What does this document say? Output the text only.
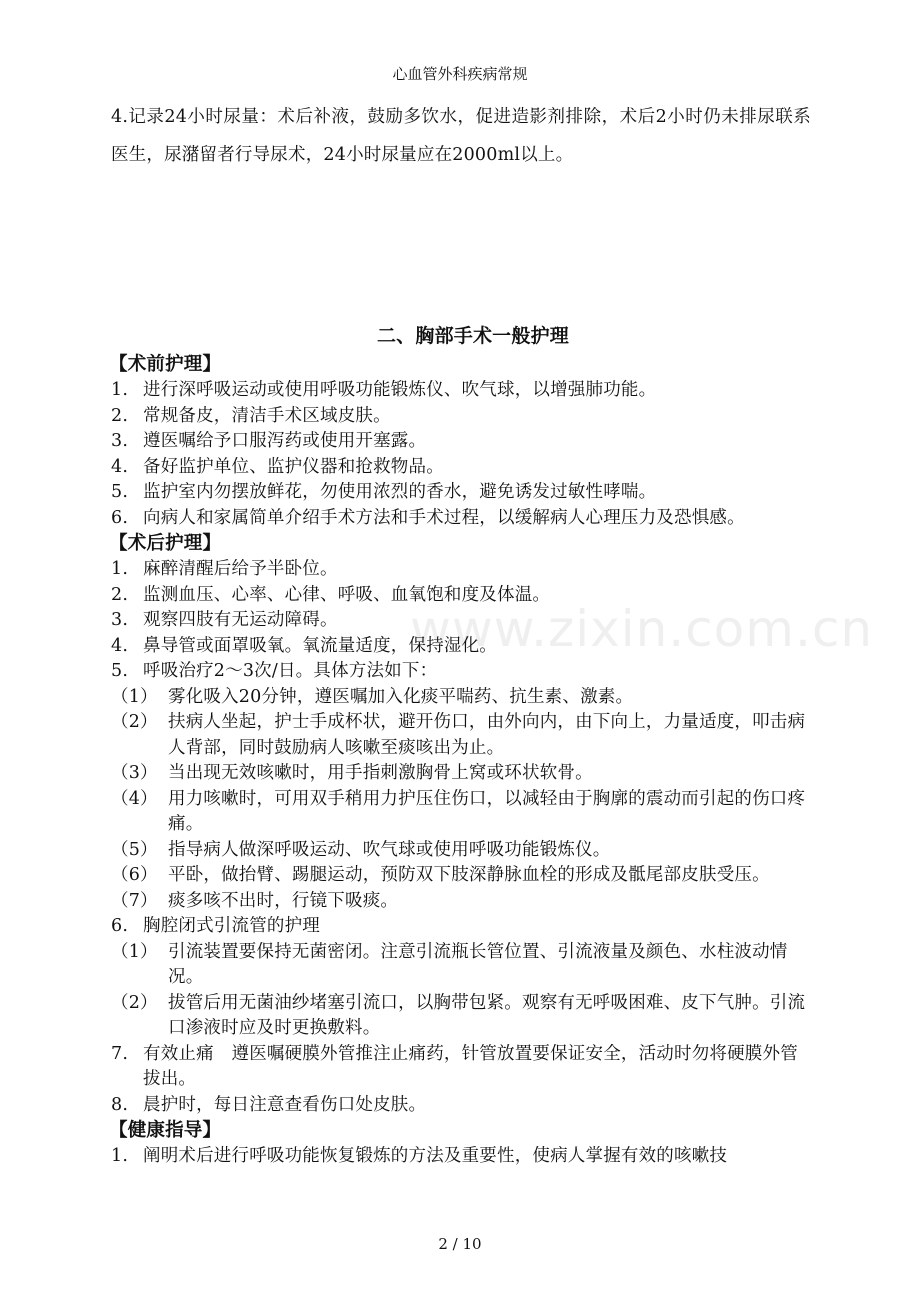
心血管外科疾病常规
www.zixin.com.cn
4.记录24小时尿量：术后补液，鼓励多饮水，促进造影剂排除，术后2小时仍未排尿联系医生，尿潴留者行导尿术，24小时尿量应在2000ml以上。
二、胸部手术一般护理
【术前护理】
1. 进行深呼吸运动或使用呼吸功能锻炼仪、吹气球，以增强肺功能。
2. 常规备皮，清洁手术区域皮肤。
3. 遵医嘱给予口服泻药或使用开塞露。
4. 备好监护单位、监护仪器和抢救物品。
5. 监护室内勿摆放鲜花，勿使用浓烈的香水，避免诱发过敏性哮喘。
6. 向病人和家属简单介绍手术方法和手术过程，以缓解病人心理压力及恐惧感。
【术后护理】
1. 麻醉清醒后给予半卧位。
2. 监测血压、心率、心律、呼吸、血氧饱和度及体温。
3. 观察四肢有无运动障碍。
4. 鼻导管或面罩吸氧。氧流量适度，保持湿化。
5. 呼吸治疗2～3次/日。具体方法如下：
（1） 雾化吸入20分钟，遵医嘱加入化痰平喘药、抗生素、激素。
（2） 扶病人坐起，护士手成杯状，避开伤口，由外向内，由下向上，力量适度，叩击病人背部，同时鼓励病人咳嗽至痰咳出为止。
（3） 当出现无效咳嗽时，用手指刺激胸骨上窝或环状软骨。
（4） 用力咳嗽时，可用双手稍用力护压住伤口，以减轻由于胸廓的震动而引起的伤口疼痛。
（5） 指导病人做深呼吸运动、吹气球或使用呼吸功能锻炼仪。
（6） 平卧，做抬臂、踢腿运动，预防双下肢深静脉血栓的形成及骶尾部皮肤受压。
（7） 痰多咳不出时，行镜下吸痰。
6. 胸腔闭式引流管的护理
（1） 引流装置要保持无菌密闭。注意引流瓶长管位置、引流液量及颜色、水柱波动情况。
（2） 拔管后用无菌油纱堵塞引流口，以胸带包紧。观察有无呼吸困难、皮下气肿。引流口渗液时应及时更换敷料。
7. 有效止痛　遵医嘱硬膜外管推注止痛药，针管放置要保证安全，活动时勿将硬膜外管拔出。
8. 晨护时，每日注意查看伤口处皮肤。
【健康指导】
1. 阐明术后进行呼吸功能恢复锻炼的方法及重要性，使病人掌握有效的咳嗽技
2 / 10
